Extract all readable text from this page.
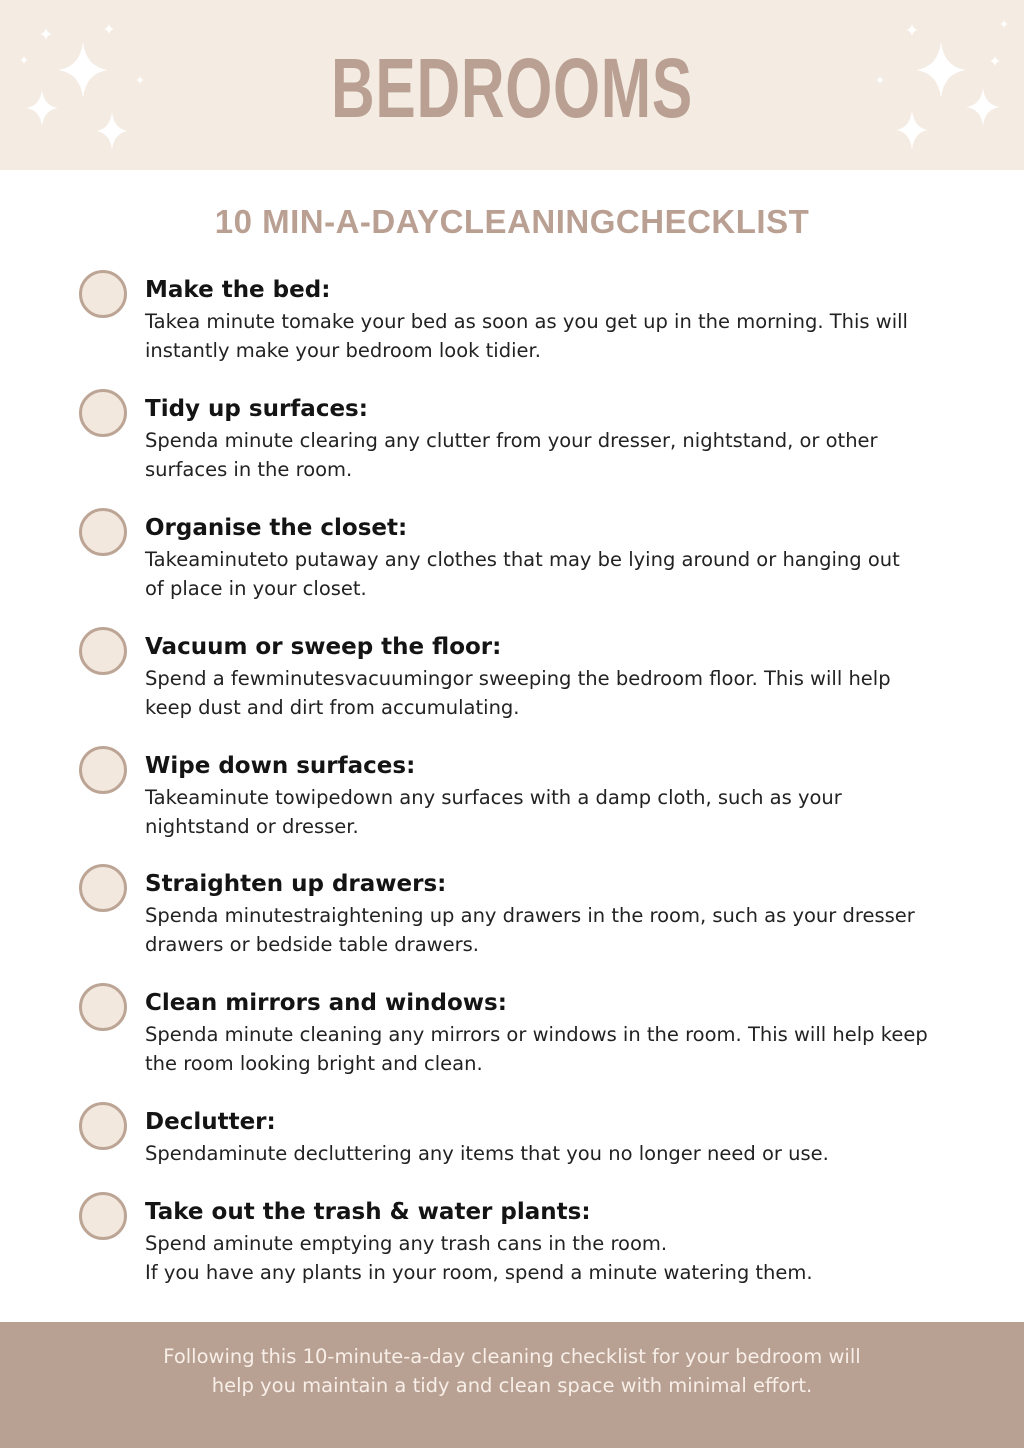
BEDROOMS
10 MIN-A-DAYCLEANINGCHECKLIST
Make the bed:
Takea minute tomake your bed as soon as you get up in the morning. This will
instantly make your bedroom look tidier.
Tidy up surfaces:
Spenda minute clearing any clutter from your dresser, nightstand, or other
surfaces in the room.
Organise the closet:
Takeaminuteto putaway any clothes that may be lying around or hanging out
of place in your closet.
Vacuum or sweep the floor:
Spend a fewminutesvacuumingor sweeping the bedroom floor. This will help
keep dust and dirt from accumulating.
Wipe down surfaces:
Takeaminute towipedown any surfaces with a damp cloth, such as your
nightstand or dresser.
Straighten up drawers:
Spenda minutestraightening up any drawers in the room, such as your dresser
drawers or bedside table drawers.
Clean mirrors and windows:
Spenda minute cleaning any mirrors or windows in the room. This will help keep
the room looking bright and clean.
Declutter:
Spendaminute decluttering any items that you no longer need or use.
Take out the trash & water plants:
Spend aminute emptying any trash cans in the room.
If you have any plants in your room, spend a minute watering them.
Following this 10-minute-a-day cleaning checklist for your bedroom will
help you maintain a tidy and clean space with minimal effort.
